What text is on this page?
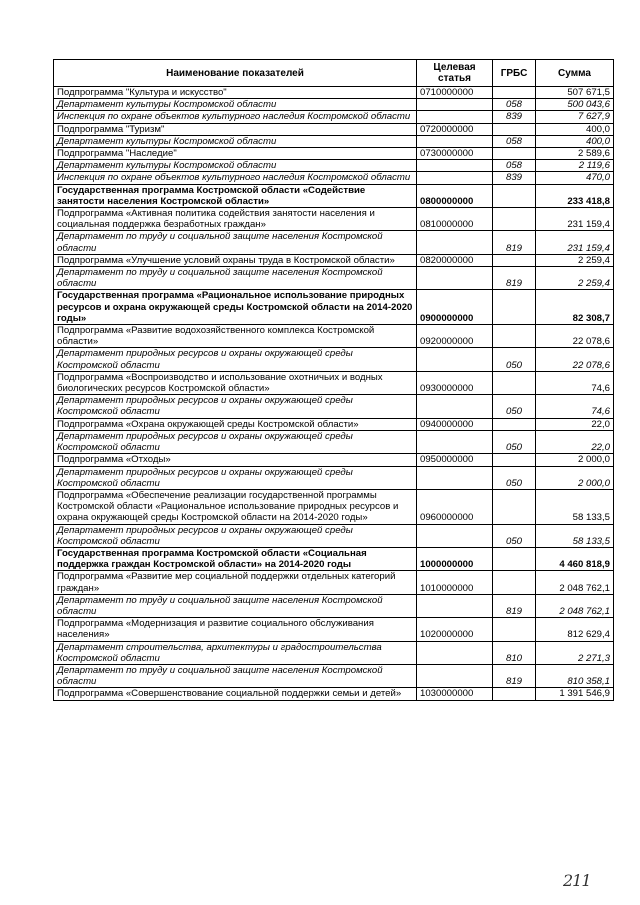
Наименование показателей	Целевая статья	ГРБС	Сумма
Подпрограмма "Культура и искусство"	0710000000		507 671,5
Департамент культуры Костромской области		058	500 043,6
Инспекция по охране объектов культурного наследия Костромской области		839	7 627,9
Подпрограмма "Туризм"	0720000000		400,0
Департамент культуры Костромской области		058	400,0
Подпрограмма "Наследие"	0730000000		2 589,6
Департамент культуры Костромской области		058	2 119,6
Инспекция по охране объектов культурного наследия Костромской области		839	470,0
Государственная программа Костромской области «Содействие занятости населения Костромской области»	0800000000		233 418,8
Подпрограмма «Активная политика содействия занятости населения и социальная поддержка безработных граждан»	0810000000		231 159,4
Департамент по труду и социальной защите населения Костромской области		819	231 159,4
Подпрограмма «Улучшение условий охраны труда в Костромской области»	0820000000		2 259,4
Департамент по труду и социальной защите населения Костромской области		819	2 259,4
Государственная программа «Рациональное использование природных ресурсов и охрана окружающей среды Костромской области на 2014-2020 годы»	0900000000		82 308,7
Подпрограмма «Развитие водохозяйственного комплекса Костромской области»	0920000000		22 078,6
Департамент природных ресурсов и охраны окружающей среды Костромской области		050	22 078,6
Подпрограмма «Воспроизводство и использование охотничьих и водных биологических ресурсов Костромской области»	0930000000		74,6
Департамент природных ресурсов и охраны окружающей среды Костромской области		050	74,6
Подпрограмма «Охрана окружающей среды Костромской области»	0940000000		22,0
Департамент природных ресурсов и охраны окружающей среды Костромской области		050	22,0
Подпрограмма «Отходы»	0950000000		2 000,0
Департамент природных ресурсов и охраны окружающей среды Костромской области		050	2 000,0
Подпрограмма «Обеспечение реализации государственной программы Костромской области «Рациональное использование природных ресурсов и охрана окружающей среды Костромской области на 2014-2020 годы»	0960000000		58 133,5
Департамент природных ресурсов и охраны окружающей среды Костромской области		050	58 133,5
Государственная программа Костромской области «Социальная поддержка граждан Костромской области» на 2014-2020 годы	1000000000		4 460 818,9
Подпрограмма «Развитие мер социальной поддержки отдельных категорий граждан»	1010000000		2 048 762,1
Департамент по труду и социальной защите населения Костромской области		819	2 048 762,1
Подпрограмма «Модернизация и развитие социального обслуживания населения»	1020000000		812 629,4
Департамент строительства, архитектуры и градостроительства Костромской области		810	2 271,3
Департамент по труду и социальной защите населения Костромской области		819	810 358,1
Подпрограмма «Совершенствование социальной поддержки семьи и детей»	1030000000		1 391 546,9
211
